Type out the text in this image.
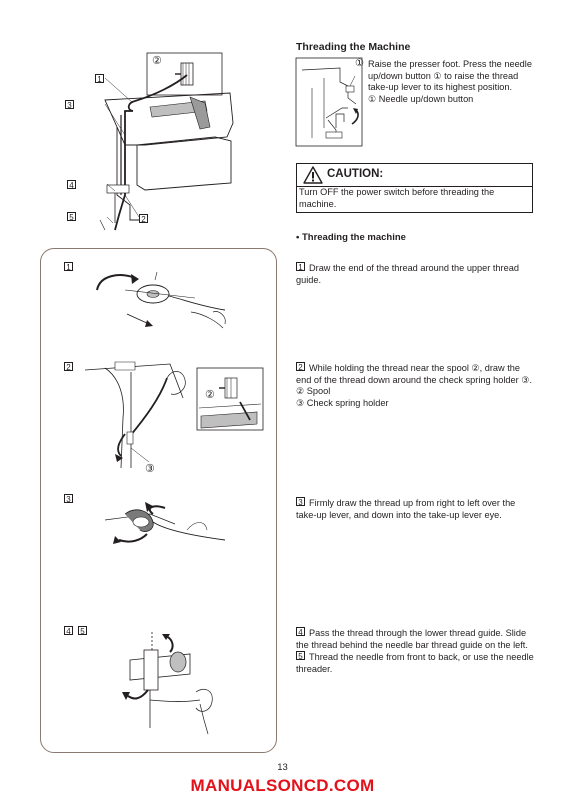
1
3
4
5	2
②
Threading the Machine
① Raise the presser foot. Press the needle up/down button ① to raise the thread take-up lever to its highest position.
① Needle up/down button
CAUTION:
Turn OFF the power switch before threading the machine.
• Threading the machine
1
2
②
③
3
4 5
1 Draw the end of the thread around the upper thread guide.
2 While holding the thread near the spool ②, draw the end of the thread down around the check spring holder ③.
② Spool
③ Check spring holder
3 Firmly draw the thread up from right to left over the take-up lever, and down into the take-up lever eye.
4 Pass the thread through the lower thread guide. Slide the thread behind the needle bar thread guide on the left.
5 Thread the needle from front to back, or use the needle threader.
13
MANUALSONCD.COM
